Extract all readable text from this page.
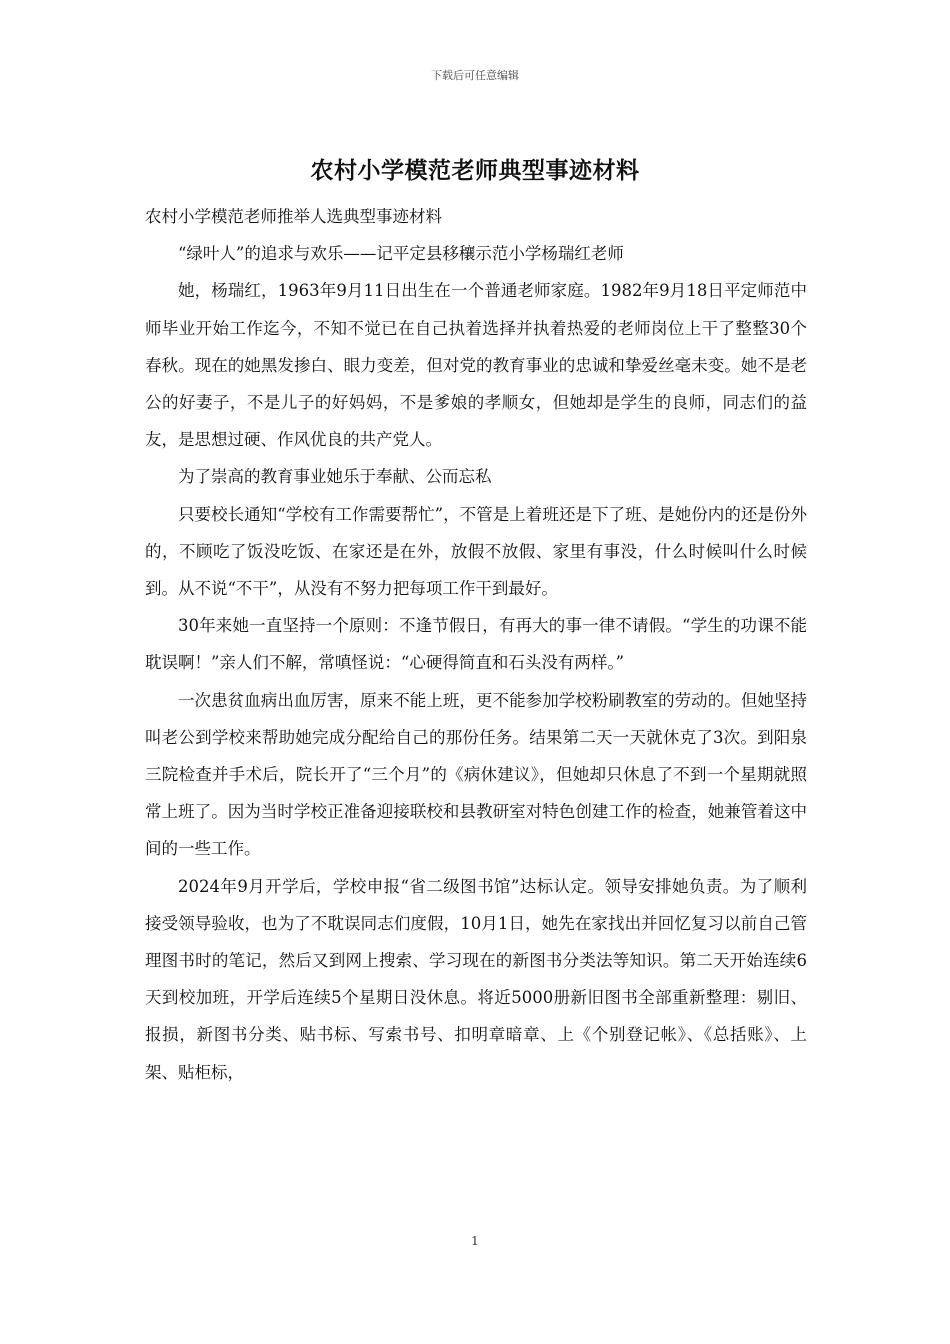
下载后可任意编辑
农村小学模范老师典型事迹材料

农村小学模范老师推举人选典型事迹材料

“绿叶人”的追求与欢乐——记平定县移穰示范小学杨瑞红老师

她，杨瑞红，1963年9月11日出生在一个普通老师家庭。1982年9月18日平定师范中师毕业开始工作迄今，不知不觉已在自己执着选择并执着热爱的老师岗位上干了整整30个春秋。现在的她黑发掺白、眼力变差，但对党的教育事业的忠诚和挚爱丝毫未变。她不是老公的好妻子，不是儿子的好妈妈，不是爹娘的孝顺女，但她却是学生的良师，同志们的益友，是思想过硬、作风优良的共产党人。

为了崇高的教育事业她乐于奉献、公而忘私

只要校长通知“学校有工作需要帮忙”，不管是上着班还是下了班、是她份内的还是份外的，不顾吃了饭没吃饭、在家还是在外，放假不放假、家里有事没，什么时候叫什么时候到。从不说“不干”，从没有不努力把每项工作干到最好。

30年来她一直坚持一个原则：不逢节假日，有再大的事一律不请假。“学生的功课不能耽误啊！”亲人们不解，常嗔怪说：“心硬得简直和石头没有两样。”

一次患贫血病出血厉害，原来不能上班，更不能参加学校粉刷教室的劳动的。但她坚持叫老公到学校来帮助她完成分配给自己的那份任务。结果第二天一天就休克了3次。到阳泉三院检查并手术后，院长开了“三个月”的《病休建议》，但她却只休息了不到一个星期就照常上班了。因为当时学校正准备迎接联校和县教研室对特色创建工作的检查，她兼管着这中间的一些工作。

2024年9月开学后，学校申报“省二级图书馆”达标认定。领导安排她负责。为了顺利接受领导验收，也为了不耽误同志们度假，10月1日，她先在家找出并回忆复习以前自己管理图书时的笔记，然后又到网上搜索、学习现在的新图书分类法等知识。第二天开始连续6天到校加班，开学后连续5个星期日没休息。将近5000册新旧图书全部重新整理：剔旧、报损，新图书分类、贴书标、写索书号、扣明章暗章、上《个别登记帐》、《总括账》、上架、贴柜标，

1
